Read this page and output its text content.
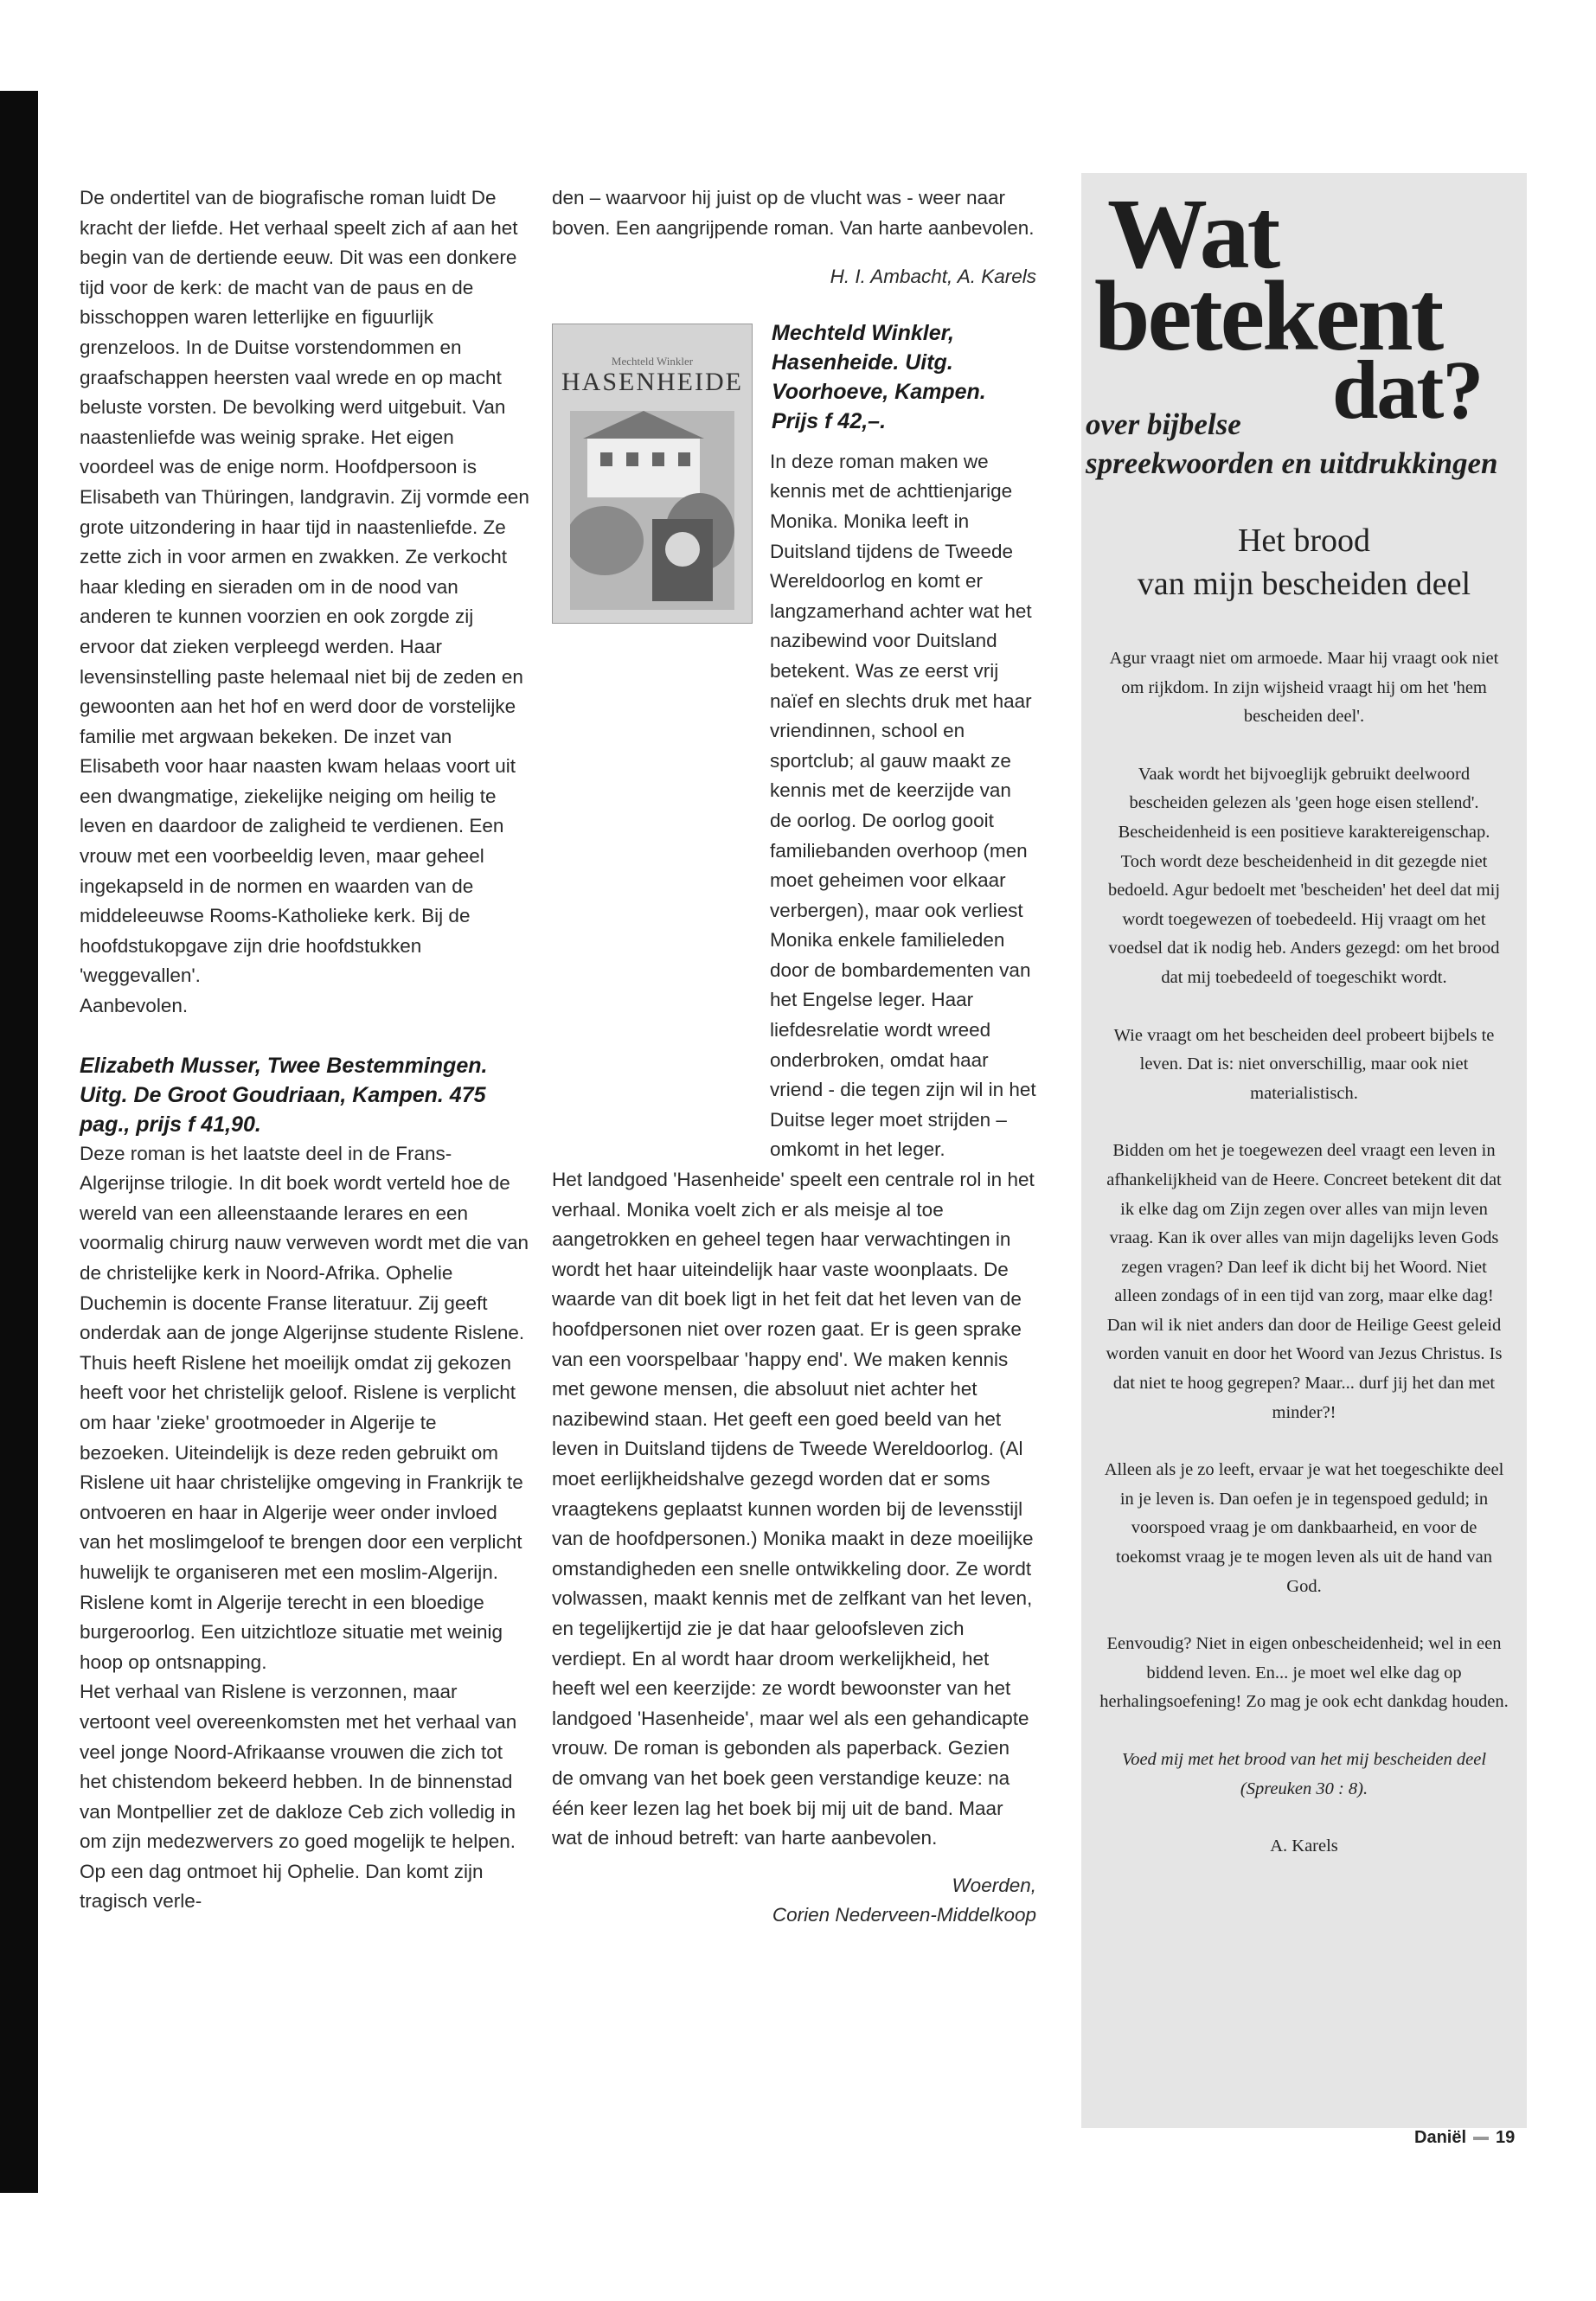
De ondertitel van de biografische roman luidt De kracht der liefde. Het verhaal speelt zich af aan het begin van de dertiende eeuw. Dit was een donkere tijd voor de kerk: de macht van de paus en de bisschoppen waren letterlijke en figuurlijk grenzeloos. In de Duitse vorstendommen en graafschappen heersten vaal wrede en op macht beluste vorsten. De bevolking werd uitgebuit. Van naastenliefde was weinig sprake. Het eigen voordeel was de enige norm. Hoofdpersoon is Elisabeth van Thüringen, landgravin. Zij vormde een grote uitzondering in haar tijd in naastenliefde. Ze zette zich in voor armen en zwakken. Ze verkocht haar kleding en sieraden om in de nood van anderen te kunnen voorzien en ook zorgde zij ervoor dat zieken verpleegd werden. Haar levensinstelling paste helemaal niet bij de zeden en gewoonten aan het hof en werd door de vorstelijke familie met argwaan bekeken. De inzet van Elisabeth voor haar naasten kwam helaas voort uit een dwangmatige, ziekelijke neiging om heilig te leven en daardoor de zaligheid te verdienen. Een vrouw met een voorbeeldig leven, maar geheel ingekapseld in de normen en waarden van de middeleeuwse Rooms-Katholieke kerk. Bij de hoofdstukopgave zijn drie hoofdstukken 'weggevallen'.

Aanbevolen.

Elizabeth Musser, Twee Bestemmingen. Uitg. De Groot Goudriaan, Kampen. 475 pag., prijs f 41,90.

Deze roman is het laatste deel in de Frans-Algerijnse trilogie. In dit boek wordt verteld hoe de wereld van een alleenstaande lerares en een voormalig chirurg nauw verweven wordt met die van de christelijke kerk in Noord-Afrika. Ophelie Duchemin is docente Franse literatuur. Zij geeft onderdak aan de jonge Algerijnse studente Rislene. Thuis heeft Rislene het moeilijk omdat zij gekozen heeft voor het christelijk geloof. Rislene is verplicht om haar 'zieke' grootmoeder in Algerije te bezoeken. Uiteindelijk is deze reden gebruikt om Rislene uit haar christelijke omgeving in Frankrijk te ontvoeren en haar in Algerije weer onder invloed van het moslimgeloof te brengen door een verplicht huwelijk te organiseren met een moslim-Algerijn. Rislene komt in Algerije terecht in een bloedige burgeroorlog. Een uitzichtloze situatie met weinig hoop op ontsnapping.

Het verhaal van Rislene is verzonnen, maar vertoont veel overeenkomsten met het verhaal van veel jonge Noord-Afrikaanse vrouwen die zich tot het chistendom bekeerd hebben. In de binnenstad van Montpellier zet de dakloze Ceb zich volledig in om zijn medezwervers zo goed mogelijk te helpen. Op een dag ontmoet hij Ophelie. Dan komt zijn tragisch verle-

den – waarvoor hij juist op de vlucht was - weer naar boven. Een aangrijpende roman. Van harte aanbevolen.

H. I. Ambacht, A. Karels

Mechteld Winkler
HASENHEIDE

Mechteld Winkler, Hasenheide. Uitg. Voorhoeve, Kampen. Prijs f 42,–.

In deze roman maken we kennis met de achttienjarige Monika. Monika leeft in Duitsland tijdens de Tweede Wereldoorlog en komt er langzamerhand achter wat het nazibewind voor Duitsland betekent. Was ze eerst vrij naïef en slechts druk met haar vriendinnen, school en sportclub; al gauw maakt ze kennis met de keerzijde van de oorlog. De oorlog gooit familiebanden overhoop (men moet geheimen voor elkaar verbergen), maar ook verliest Monika enkele familieleden door de bombardementen van het Engelse leger. Haar liefdesrelatie wordt wreed onderbroken, omdat haar vriend - die tegen zijn wil in het Duitse leger moet strijden – omkomt in het leger.

Het landgoed 'Hasenheide' speelt een centrale rol in het verhaal. Monika voelt zich er als meisje al toe aangetrokken en geheel tegen haar verwachtingen in wordt het haar uiteindelijk haar vaste woonplaats. De waarde van dit boek ligt in het feit dat het leven van de hoofdpersonen niet over rozen gaat. Er is geen sprake van een voorspelbaar 'happy end'. We maken kennis met gewone mensen, die absoluut niet achter het nazibewind staan. Het geeft een goed beeld van het leven in Duitsland tijdens de Tweede Wereldoorlog. (Al moet eerlijkheidshalve gezegd worden dat er soms vraagtekens geplaatst kunnen worden bij de levensstijl van de hoofdpersonen.) Monika maakt in deze moeilijke omstandigheden een snelle ontwikkeling door. Ze wordt volwassen, maakt kennis met de zelfkant van het leven, en tegelijkertijd zie je dat haar geloofsleven zich verdiept. En al wordt haar droom werkelijkheid, het heeft wel een keerzijde: ze wordt bewoonster van het landgoed 'Hasenheide', maar wel als een gehandicapte vrouw. De roman is gebonden als paperback. Gezien de omvang van het boek geen verstandige keuze: na één keer lezen lag het boek bij mij uit de band. Maar wat de inhoud betreft: van harte aanbevolen.

Woerden,

Corien Nederveen-Middelkoop

Wat
betekent
dat?
over bijbelse
spreekwoorden en uitdrukkingen
Het brood
van mijn bescheiden deel

Agur vraagt niet om armoede. Maar hij vraagt ook niet om rijkdom. In zijn wijsheid vraagt hij om het 'hem bescheiden deel'.

Vaak wordt het bijvoeglijk gebruikt deelwoord bescheiden gelezen als 'geen hoge eisen stellend'. Bescheidenheid is een positieve karaktereigenschap. Toch wordt deze bescheidenheid in dit gezegde niet bedoeld. Agur bedoelt met 'bescheiden' het deel dat mij wordt toegewezen of toebedeeld. Hij vraagt om het voedsel dat ik nodig heb. Anders gezegd: om het brood dat mij toebedeeld of toegeschikt wordt.

Wie vraagt om het bescheiden deel probeert bijbels te leven. Dat is: niet onverschillig, maar ook niet materialistisch.

Bidden om het je toegewezen deel vraagt een leven in afhankelijkheid van de Heere. Concreet betekent dit dat ik elke dag om Zijn zegen over alles van mijn leven vraag. Kan ik over alles van mijn dagelijks leven Gods zegen vragen? Dan leef ik dicht bij het Woord. Niet alleen zondags of in een tijd van zorg, maar elke dag! Dan wil ik niet anders dan door de Heilige Geest geleid worden vanuit en door het Woord van Jezus Christus. Is dat niet te hoog gegrepen? Maar... durf jij het dan met minder?!

Alleen als je zo leeft, ervaar je wat het toegeschikte deel in je leven is. Dan oefen je in tegenspoed geduld; in voorspoed vraag je om dankbaarheid, en voor de toekomst vraag je te mogen leven als uit de hand van God.

Eenvoudig? Niet in eigen onbescheidenheid; wel in een biddend leven. En... je moet wel elke dag op herhalingsoefening! Zo mag je ook echt dankdag houden.

Voed mij met het brood van het mij bescheiden deel (Spreuken 30 : 8).

A. Karels

Daniël 19
